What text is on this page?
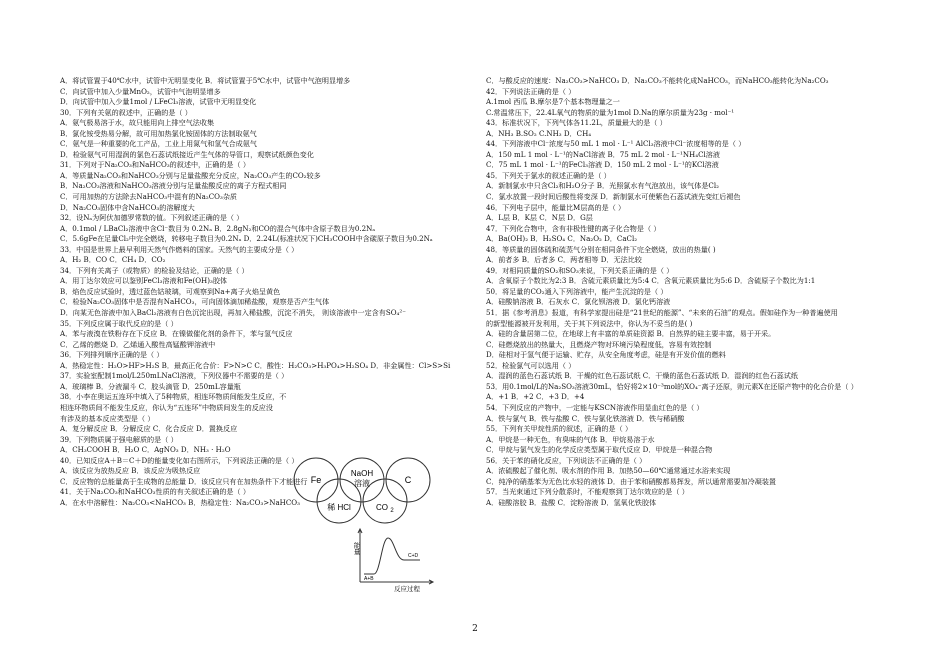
A．将试管置于40℃水中，试管中无明显变化 B．将试管置于5℃水中，试管中气泡明显增多
C．向试管中加入少量MnO₂，试管中气泡明显增多
D．向试管中加入少量1mol / LFeCl₃溶液，试管中无明显变化
30．下列有关氨的叙述中，正确的是（ ）
A．氨气极易溶于水，故只能用向上排空气法收集
B．氯化铵受热易分解，故可用加热氯化铵固体的方法制取氨气
C．氨气是一种重要的化工产品，工业上用氮气和氢气合成氨气
D．检验氨气可用湿润的氯色石蕊试纸接近产生气体的导管口，观察试纸颜色变化
31．下列对于Na₂CO₃和NaHCO₃的叙述中，正确的是（ ）
A．等质量Na₂CO₃和NaHCO₃分别与足量盐酸充分反应，Na₂CO₃产生的CO₂较多
B．Na₂CO₃溶液和NaHCO₃溶液分别与足量盐酸反应的离子方程式相同
C．可用加热的方法除去NaHCO₃中混有的Na₂CO₃杂质
D．Na₂CO₃固体中含NaHCO₃的溶解度大
32．设Nₐ为阿伏加德罗常数的值。下列叙述正确的是（ ）
A．0.1mol / LBaCl₂溶液中含Cl⁻数目为 0.2Nₐ B．2.8gN₂和CO的混合气体中含原子数目为0.2Nₐ
C．5.6gFe在足量Cl₂中完全燃烧，转移电子数目为0.2Nₐ D．2.24L(标准状况下)CH₃COOH中含碳原子数目为0.2Nₐ
33．中国是世界上最早利用天然气作燃料的国家。天然气的主要成分是（ ）
A．H₂ B．CO C．CH₄ D．CO₂
34．下列有关离子（或物质）的检验及结论，正确的是（ ）
A．用丁达尔效应可以鉴别FeCl₃溶液和Fe(OH)₃胶体
B．焰色反应试验时，透过蓝色钴玻璃，可观察到Na+离子火焰呈黄色
C．检验Na₂CO₃固体中是否混有NaHCO₃，可向固体滴加稀盐酸，观察是否产生气体
D．向某无色溶液中加入BaCl₂溶液有白色沉淀出现，再加入稀盐酸，沉淀不消失， 则该溶液中一定含有SO₄²⁻
35．下列反应属于取代反应的是（ ）
A．苯与液溴在铁粉存在下反应 B．在镍做催化剂的条件下，苯与氢气反应
C．乙烯的燃烧 D．乙烯通入酸性高锰酸钾溶液中
36．下列排列顺序正确的是（ ）
A．热稳定性：H₂O>HF>H₂S B．最高正化合价：F>N>C C．酸性：H₂CO₃>H₃PO₄>H₂SO₄ D．非金属性：Cl>S>Si
37．实验室配制1mol/L250mLNaCl溶液，下列仪器中不需要的是（ ）
A．玻璃棒 B．分液漏斗 C．胶头滴管 D．250mL容量瓶
38．小李在奥运五连环中填入了5种物质，相连环物质间能发生反应，不
相连环物质间不能发生反应，你认为“五连环”中物质间发生的反应没
有涉及的基本反应类型是（ ）
A．复分解反应 B．分解反应 C．化合反应 D．置换反应
39．下列物质属于强电解质的是（ ）
A．CH₃COOH B．H₂O C．AgNO₃ D．NH₃ · H₂O
40．已知反应A＋B＝C＋D的能量变化如右图所示，下列说法正确的是（ ）
A．该反应为放热反应 B．该反应为吸热反应
C．反应物的总能量高于生成物的总能量 D．该反应只有在加热条件下才能进行
41．关于Na₂CO₃和NaHCO₃性质的有关叙述正确的是（ ）
A．在水中溶解性：Na₂CO₃<NaHCO₃ B．热稳定性：Na₂CO₃>NaHCO₃
C．与酸反应的速度：Na₂CO₃>NaHCO₃ D．Na₂CO₃不能转化成NaHCO₃，而NaHCO₃能转化为Na₂CO₃
42．下列说法正确的是（ ）
A.1mol 西瓜 B.摩尔是7个基本物理量之一
C.常温常压下，22.4L氧气的物质的量为1mol D.Na的摩尔质量为23g · mol⁻¹
43．标准状况下，下列气体各11.2L，质量最大的是（ ）
A．NH₃ B.SO₂ C.NH₃ D．CH₄
44．下列溶液中Cl⁻浓度与50 mL 1 mol · L⁻¹ AlCl₃溶液中Cl⁻浓度相等的是（ ）
A．150 mL 1 mol · L⁻¹的NaCl溶液 B．75 mL 2 mol · L⁻¹NH₄Cl溶液
C．75 mL 1 mol · L⁻¹的FeCl₃溶液 D．150 mL 2 mol · L⁻¹的KCl溶液
45．下列关于氯水的叙述正确的是（ ）
A．新制氯水中只含Cl₂和H₂O分子 B．光照氯水有气泡放出，该气体是Cl₂
C．氯水放置一段时间后酸性将变深 D．新制氯水可使紫色石蕊试液先变红后褪色
46．下列电子层中，能量比M层高的是（ ）
A．L层 B．K层 C．N层 D．G层
47．下列化合物中，含有非极性键的离子化合物是（ ）
A．Ba(OH)₂ B．H₂SO₄ C．Na₂O₂ D．CaCl₂
48．等质量的固体硫和硫蒸气分别在相同条件下完全燃烧，放出的热量( )
A．前者多 B．后者多 C．两者相等 D．无法比较
49．对相同质量的SO₂和SO₃来说，下列关系正确的是（ ）
A．含氧原子个数比为2:3 B．含硫元素质量比为5:4 C．含氧元素质量比为5:6 D．含硫原子个数比为1:1
50．将足量的CO₂通入下列溶液中，能产生沉淀的是（ ）
A．硅酸钠溶液 B．石灰水 C．氯化钡溶液 D．氯化钙溶液
51．据《参考消息》报道，有科学家提出硅是“21世纪的能源”、“未来的石油”的观点。假如硅作为一种普遍使用
的新型能源被开发利用，关于其下列说法中，你认为不妥当的是( )
A．硅的含量居第二位，在地球上有丰富的单质硅资源 B．自然界的硅主要丰富，易于开采。
C．硅燃烧放出的热量大，且燃烧产物对环境污染程度低，容易有效控制
D．硅相对于氢气便于运输、贮存，从安全角度考虑，硅是有开发价值的燃料
52．检验氯气可以选用（ ）
A．湿润的蓝色石蕊试纸 B．干燥的红色石蕊试纸 C．干燥的蓝色石蕊试纸 D．湿润的红色石蕊试纸
53．用0.1mol/L的Na₂SO₃溶液30mL，恰好将2×10⁻³mol的XO₄⁻离子还原，则元素X在还原产物中的化合价是（ ）
A．+1 B．+2 C．+3 D．+4
54．下列反应的产物中，一定能与KSCN溶液作用显血红色的是（ ）
A．铁与氯气 B．铁与盐酸 C．铁与氯化铁溶液 D．铁与稀硝酸
55．下列有关甲烷性质的叙述，正确的是（ ）
A．甲烷是一种无色，有臭味的气体 B．甲烷易溶于水
C．甲烷与氯气发生的化学反应类型属于取代反应 D．甲烷是一种混合物
56．关于苯的硝化反应，下列说法不正确的是（ ）
A．浓硫酸起了催化剂、吸水剂的作用 B．加热50—60℃通常通过水浴来实现
C．纯净的硝基苯为无色比水轻的液体 D．由于苯和硝酸都易挥发，所以通常需要加冷凝装置
57．当光束通过下列分散系时，不能观察到丁达尔效应的是（ ）
A．硅酸溶胶 B．盐酸 C．淀粉溶液 D．氢氧化铁胶体
Fe
NaOH
溶液	C
稀 HCl	CO 2
能量
反应过程
A+B
C+D
2
